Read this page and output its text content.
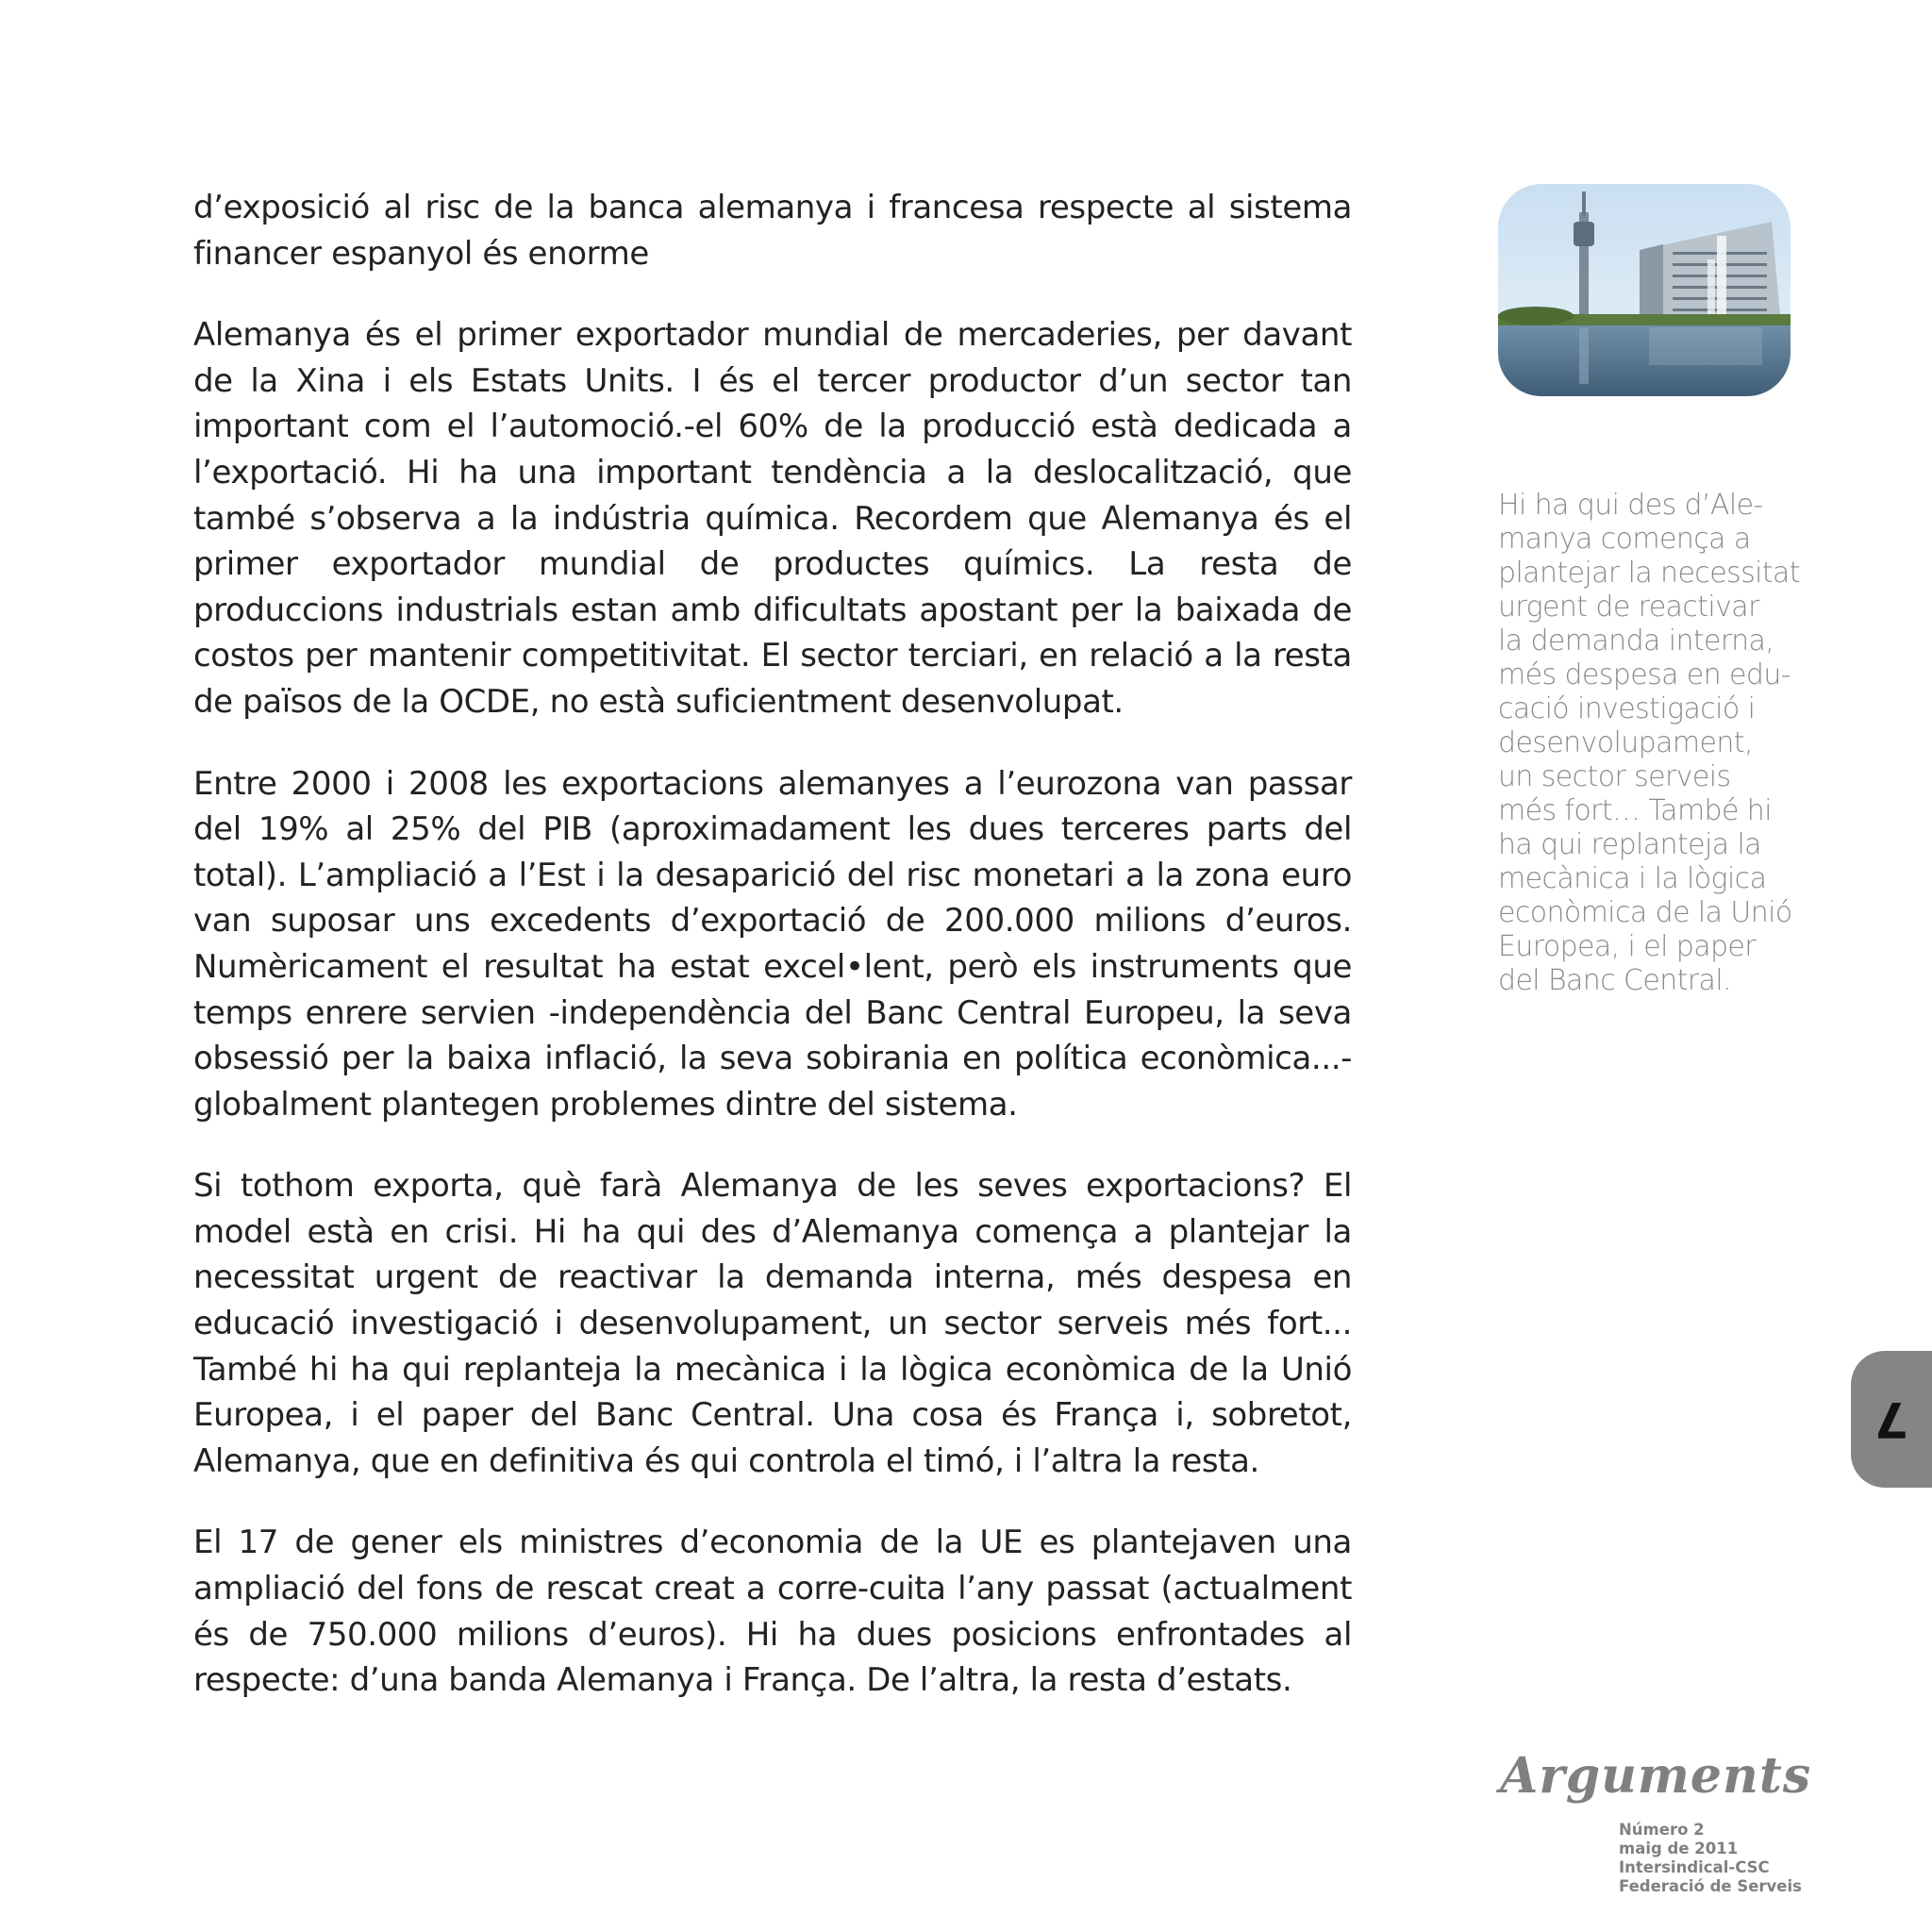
d’exposició al risc de la banca alemanya i francesa respecte al sistema financer espanyol és enorme

Alemanya és el primer exportador mundial de mercaderies, per davant de la Xina i els Estats Units. I és el tercer productor d’un sector tan important com el l’automoció.-el 60% de la producció està dedicada a l’exportació. Hi ha una important tendència a la deslocalització, que també s’observa a la indústria química. Recordem que Alemanya és el primer exportador mundial de productes químics. La resta de produccions industrials estan amb dificultats apostant per la baixada de costos per mantenir competitivitat. El sector terciari, en relació a la resta de països de la OCDE, no està suficientment desenvolupat.

Entre 2000 i 2008 les exportacions alemanyes a l’eurozona van passar del 19% al 25% del PIB (aproximadament les dues terceres parts del total). L’ampliació a l’Est i la desaparició del risc monetari a la zona euro van suposar uns excedents d’exportació de 200.000 milions d’euros. Numèricament el resultat ha estat excel•lent, però els instruments que temps enrere servien -independència del Banc Central Europeu, la seva obsessió per la baixa inflació, la seva sobirania en política econòmica...- globalment plantegen problemes dintre del sistema.

Si tothom exporta, què farà Alemanya de les seves exportacions? El model està en crisi. Hi ha qui des d’Alemanya comença a plantejar la necessitat urgent de reactivar la demanda interna, més despesa en educació investigació i desenvolupament, un sector serveis més fort... També hi ha qui replanteja la mecànica i la lògica econòmica de la Unió Europea, i el paper del Banc Central. Una cosa és França i, sobretot, Alemanya, que en definitiva és qui controla el timó, i l’altra la resta.

El 17 de gener els ministres d’economia de la UE es plantejaven una ampliació del fons de rescat creat a corre-cuita l’any passat (actualment és de 750.000 milions d’euros). Hi ha dues posicions enfrontades al respecte: d’una banda Alemanya i França. De l’altra, la resta d’estats.

Hi ha qui des d’Ale-
manya comença a
plantejar la necessitat
urgent de reactivar
la demanda interna,
més despesa en edu-
cació investigació i
desenvolupament,
un sector serveis
més fort… També hi
ha qui replanteja la
mecànica i la lògica
econòmica de la Unió
Europea, i el paper
del Banc Central.
7
Arguments
Número 2
maig de 2011
Intersindical-CSC
Federació de Serveis
